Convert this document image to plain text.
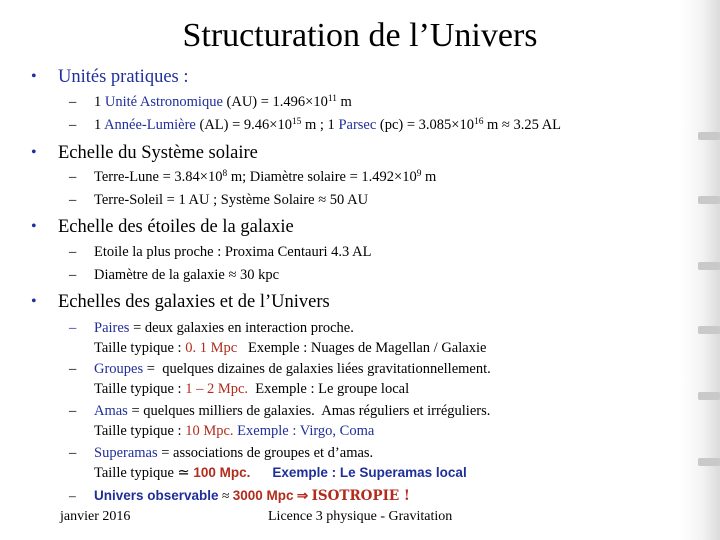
Structuration de l’Univers
• Unités pratiques :
– 1 Unité Astronomique $(AU) = 1.496\times 10^{11}$ m
– 1 Année-Lumière $(AL) = 9.46\times 10^{15}$ m ; 1 Parsec $(pc) = 3.085\times 10^{16}$ m ≈ 3.25 AL
• Echelle du Système solaire
– Terre-Lune = $3.84\times 10^8$ m; Diamètre solaire = $1.492\times 10^9$ m
– Terre-Soleil = 1 AU ; Système Solaire ≈ 50 AU
• Echelle des étoiles de la galaxie
– Etoile la plus proche : Proxima Centauri 4.3 AL
– Diamètre de la galaxie ≈ 30 kpc
• Echelles des galaxies et de l’Univers
– Paires = deux galaxies en interaction proche.
Taille typique : 0. 1 Mpc   Exemple : Nuages de Magellan / Galaxie
– Groupes =  quelques dizaines de galaxies liées gravitationnellement.
Taille typique : 1 – 2 Mpc.  Exemple : Le groupe local
– Amas = quelques milliers de galaxies.  Amas réguliers et irréguliers.
Taille typique : 10 Mpc. Exemple : Virgo, Coma
– Superamas = associations de groupes et d’amas.
Taille typique ≃ 100 Mpc. Exemple : Le Superamas local
– Univers observable ≈ 3000 Mpc ⇒ ISOTROPIE !
janvier 2016	Licence 3 physique - Gravitation
